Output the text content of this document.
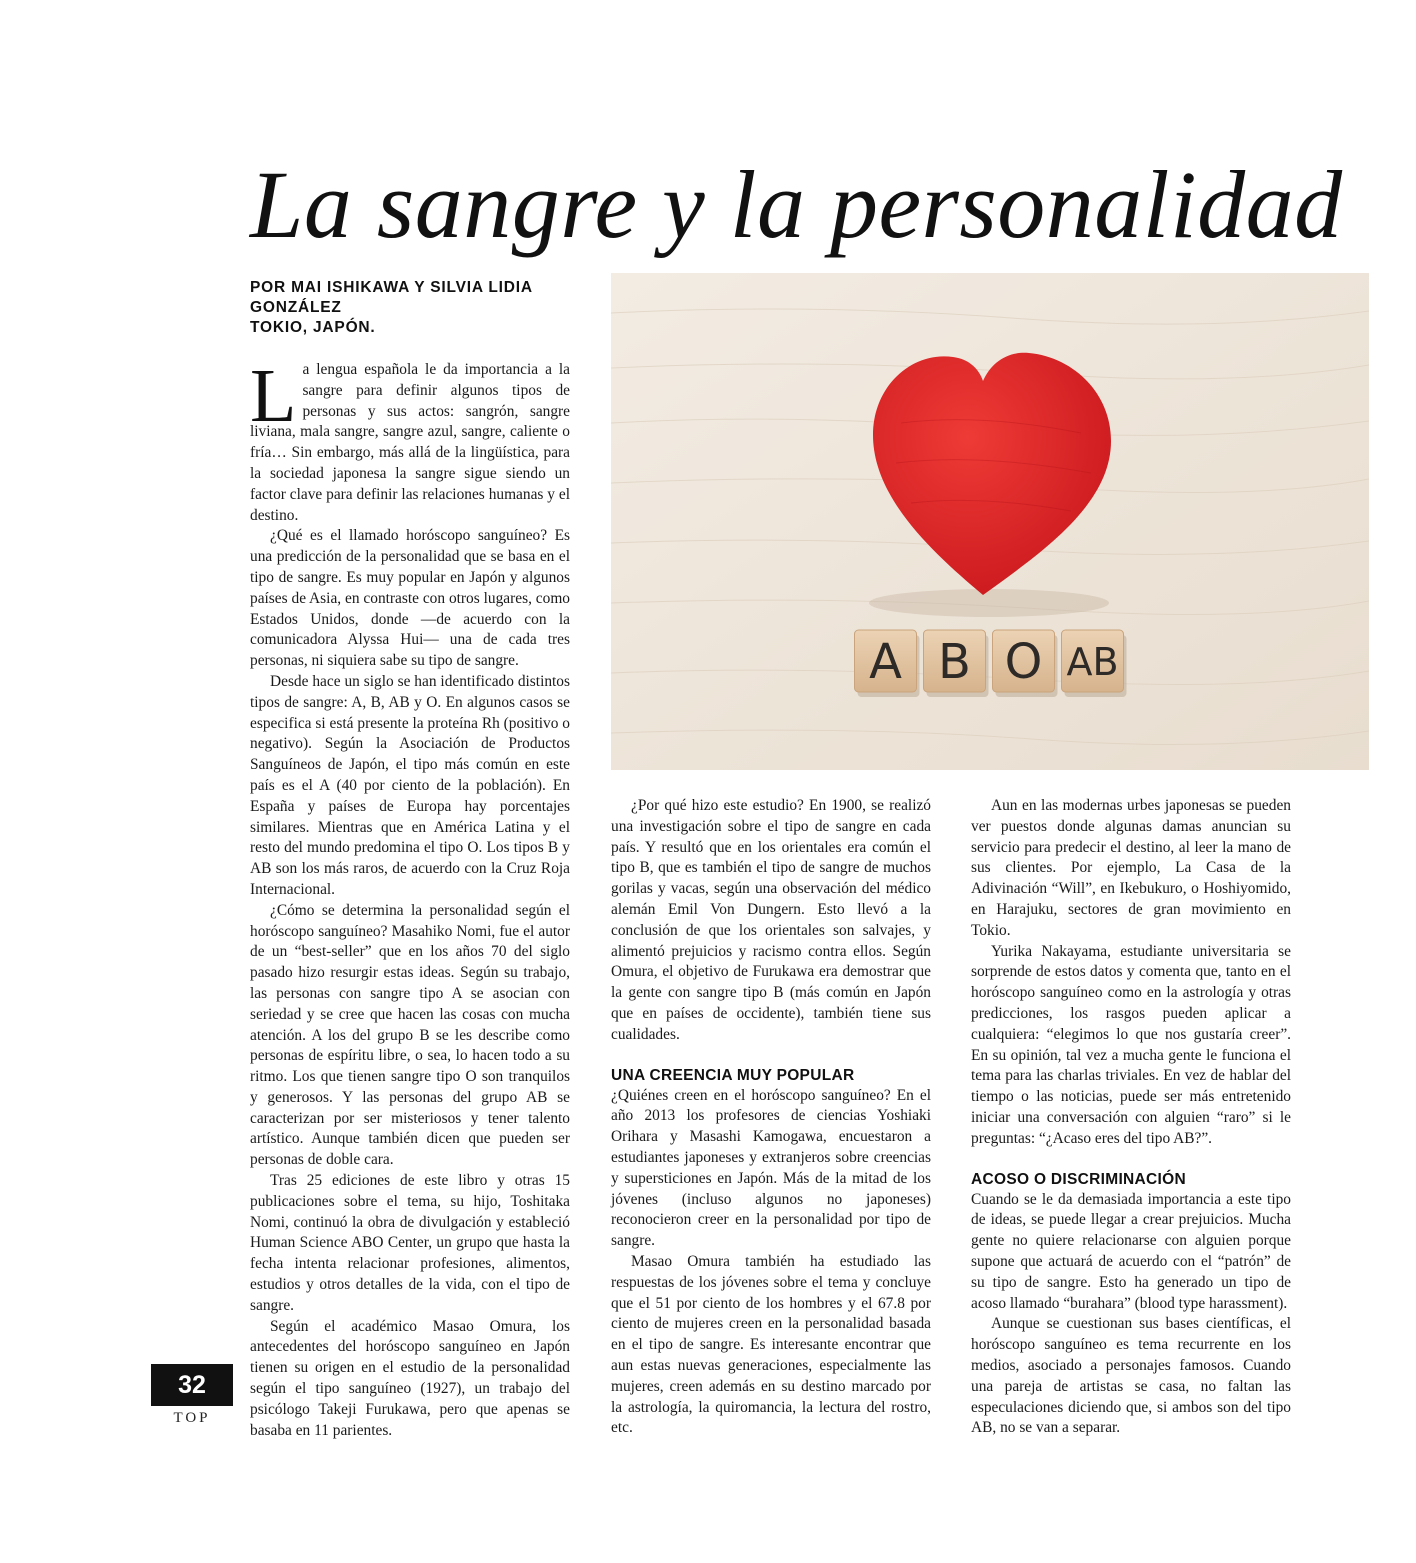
La sangre y la personalidad
POR MAI ISHIKAWA Y SILVIA LIDIA GONZÁLEZ
TOKIO, JAPÓN.
A B O AB

La lengua española le da importancia a la sangre para definir algunos tipos de personas y sus actos: sangrón, sangre liviana, mala sangre, sangre azul, sangre, caliente o fría… Sin embargo, más allá de la lingüística, para la sociedad japonesa la sangre sigue siendo un factor clave para definir las relaciones humanas y el destino.

¿Qué es el llamado horóscopo sanguíneo? Es una predicción de la personalidad que se basa en el tipo de sangre. Es muy popular en Japón y algunos países de Asia, en contraste con otros lugares, como Estados Unidos, donde —de acuerdo con la comunicadora Alyssa Hui— una de cada tres personas, ni siquiera sabe su tipo de sangre.

Desde hace un siglo se han identificado distintos tipos de sangre: A, B, AB y O. En algunos casos se especifica si está presente la proteína Rh (positivo o negativo). Según la Asociación de Productos Sanguíneos de Japón, el tipo más común en este país es el A (40 por ciento de la población). En España y países de Europa hay porcentajes similares. Mientras que en América Latina y el resto del mundo predomina el tipo O. Los tipos B y AB son los más raros, de acuerdo con la Cruz Roja Internacional.

¿Cómo se determina la personalidad según el horóscopo sanguíneo? Masahiko Nomi, fue el autor de un “best-seller” que en los años 70 del siglo pasado hizo resurgir estas ideas. Según su trabajo, las personas con sangre tipo A se asocian con seriedad y se cree que hacen las cosas con mucha atención. A los del grupo B se les describe como personas de espíritu libre, o sea, lo hacen todo a su ritmo. Los que tienen sangre tipo O son tranquilos y generosos. Y las personas del grupo AB se caracterizan por ser misteriosos y tener talento artístico. Aunque también dicen que pueden ser personas de doble cara.

Tras 25 ediciones de este libro y otras 15 publicaciones sobre el tema, su hijo, Toshitaka Nomi, continuó la obra de divulgación y estableció Human Science ABO Center, un grupo que hasta la fecha intenta relacionar profesiones, alimentos, estudios y otros detalles de la vida, con el tipo de sangre.

Según el académico Masao Omura, los antecedentes del horóscopo sanguíneo en Japón tienen su origen en el estudio de la personalidad según el tipo sanguíneo (1927), un trabajo del psicólogo Takeji Furukawa, pero que apenas se basaba en 11 parientes.

¿Por qué hizo este estudio? En 1900, se realizó una investigación sobre el tipo de sangre en cada país. Y resultó que en los orientales era común el tipo B, que es también el tipo de sangre de muchos gorilas y vacas, según una observación del médico alemán Emil Von Dungern. Esto llevó a la conclusión de que los orientales son salvajes, y alimentó prejuicios y racismo contra ellos. Según Omura, el objetivo de Furukawa era demostrar que la gente con sangre tipo B (más común en Japón que en países de occidente), también tiene sus cualidades.

UNA CREENCIA MUY POPULAR

¿Quiénes creen en el horóscopo sanguíneo? En el año 2013 los profesores de ciencias Yoshiaki Orihara y Masashi Kamogawa, encuestaron a estudiantes japoneses y extranjeros sobre creencias y supersticiones en Japón. Más de la mitad de los jóvenes (incluso algunos no japoneses) reconocieron creer en la personalidad por tipo de sangre.

Masao Omura también ha estudiado las respuestas de los jóvenes sobre el tema y concluye que el 51 por ciento de los hombres y el 67.8 por ciento de mujeres creen en la personalidad basada en el tipo de sangre. Es interesante encontrar que aun estas nuevas generaciones, especialmente las mujeres, creen además en su destino marcado por la astrología, la quiromancia, la lectura del rostro, etc.

Aun en las modernas urbes japonesas se pueden ver puestos donde algunas damas anuncian su servicio para predecir el destino, al leer la mano de sus clientes. Por ejemplo, La Casa de la Adivinación “Will”, en Ikebukuro, o Hoshiyomido, en Harajuku, sectores de gran movimiento en Tokio.

Yurika Nakayama, estudiante universitaria se sorprende de estos datos y comenta que, tanto en el horóscopo sanguíneo como en la astrología y otras predicciones, los rasgos pueden aplicar a cualquiera: “elegimos lo que nos gustaría creer”. En su opinión, tal vez a mucha gente le funciona el tema para las charlas triviales. En vez de hablar del tiempo o las noticias, puede ser más entretenido iniciar una conversación con alguien “raro” si le preguntas: “¿Acaso eres del tipo AB?”.

ACOSO O DISCRIMINACIÓN

Cuando se le da demasiada importancia a este tipo de ideas, se puede llegar a crear prejuicios. Mucha gente no quiere relacionarse con alguien porque supone que actuará de acuerdo con el “patrón” de su tipo de sangre. Esto ha generado un tipo de acoso llamado “burahara” (blood type harassment).

Aunque se cuestionan sus bases científicas, el horóscopo sanguíneo es tema recurrente en los medios, asociado a personajes famosos. Cuando una pareja de artistas se casa, no faltan las especulaciones diciendo que, si ambos son del tipo AB, no se van a separar.

32
TOP
